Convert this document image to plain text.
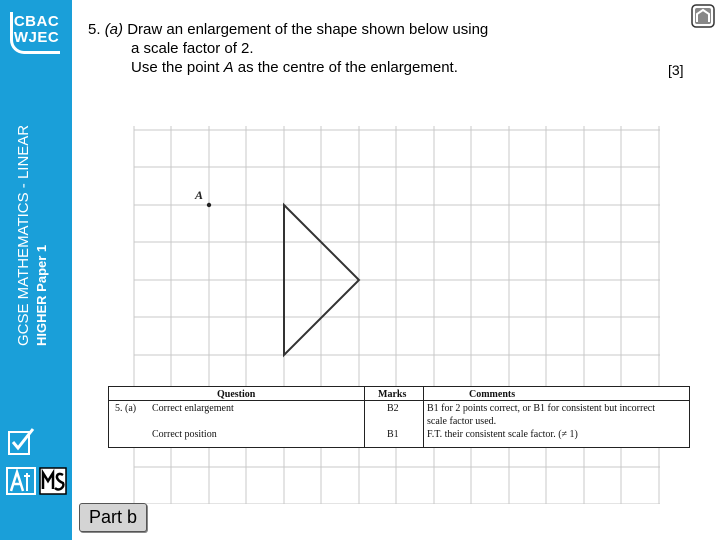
CBAC
WJEC
GCSE MATHEMATICS - LINEAR HIGHER Paper 1
5. (a) Draw an enlargement of the shape shown below using
a scale factor of 2.
Use the point A as the centre of the enlargement.	[3]
A
Question	Marks	Comments
5. (a) Correct enlargement	B2	B1 for 2 points correct, or B1 for consistent but incorrect
scale factor used.
Correct position	B1	F.T. their consistent scale factor. (≠ 1)
Part b
